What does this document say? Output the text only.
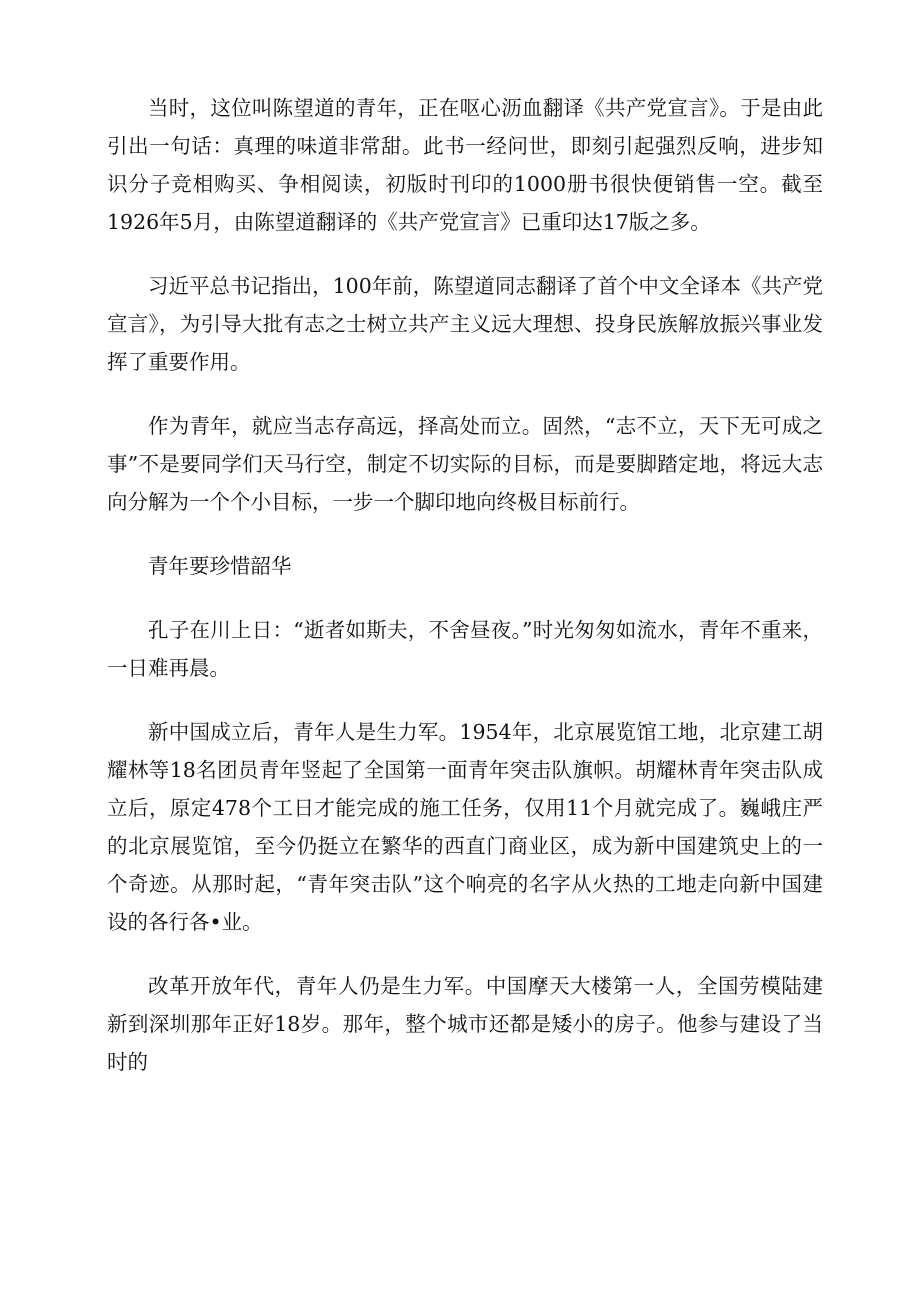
当时，这位叫陈望道的青年，正在呕心沥血翻译《共产党宣言》。于是由此引出一句话：真理的味道非常甜。此书一经问世，即刻引起强烈反响，进步知识分子竞相购买、争相阅读，初版时刊印的1000册书很快便销售一空。截至1926年5月，由陈望道翻译的《共产党宣言》已重印达17版之多。

习近平总书记指出，100年前，陈望道同志翻译了首个中文全译本《共产党宣言》，为引导大批有志之士树立共产主义远大理想、投身民族解放振兴事业发挥了重要作用。

作为青年，就应当志存高远，择高处而立。固然，“志不立，天下无可成之事”不是要同学们天马行空，制定不切实际的目标，而是要脚踏定地，将远大志向分解为一个个小目标，一步一个脚印地向终极目标前行。

青年要珍惜韶华

孔子在川上日：“逝者如斯夫，不舍昼夜。”时光匆匆如流水，青年不重来，一日难再晨。

新中国成立后，青年人是生力军。1954年，北京展览馆工地，北京建工胡耀林等18名团员青年竖起了全国第一面青年突击队旗帜。胡耀林青年突击队成立后，原定478个工日才能完成的施工任务，仅用11个月就完成了。巍峨庄严的北京展览馆，至今仍挺立在繁华的西直门商业区，成为新中国建筑史上的一个奇迹。从那时起，“青年突击队”这个响亮的名字从火热的工地走向新中国建设的各行各•业。

改革开放年代，青年人仍是生力军。中国摩天大楼第一人，全国劳模陆建新到深圳那年正好18岁。那年，整个城市还都是矮小的房子。他参与建设了当时的
